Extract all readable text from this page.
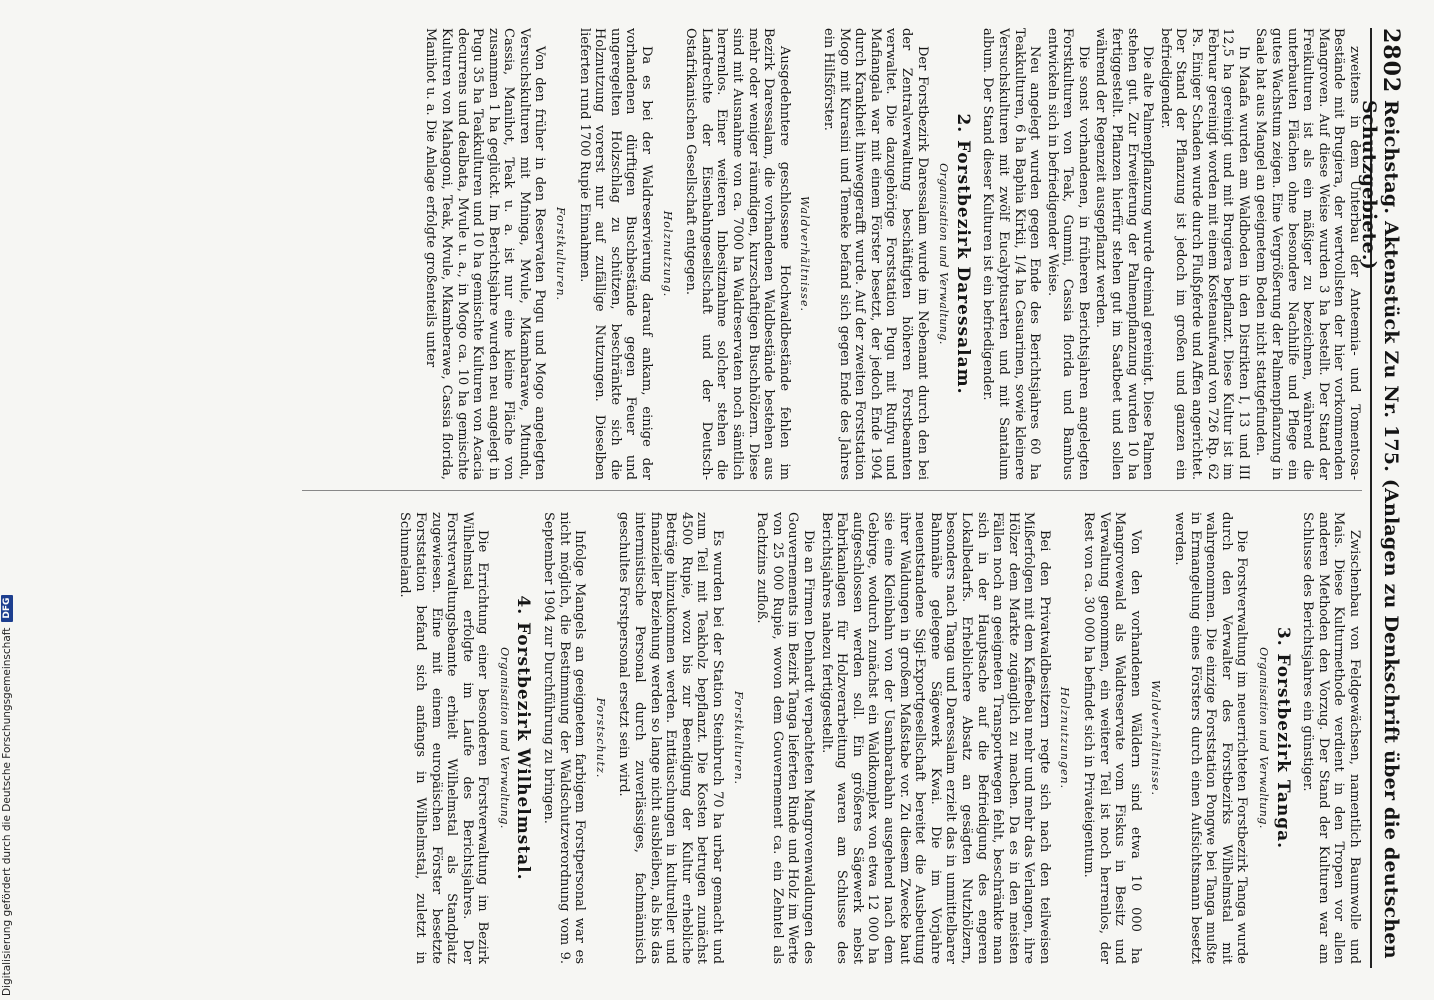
2802
Reichstag. Aktenstück Zu Nr. 175. (Anlagen zu Denkschrift über die deutschen Schutzgebiete.)

zweitens in dem Unterbau der Anteemia- und Tomentosa-Bestände mit Brugiera, der wertvollsten der hier vorkommenden Mangroven. Auf diese Weise wurden 3 ha bestellt. Der Stand der Freikulturen ist als ein mäßiger zu bezeichnen, während die unterbauten Flächen ohne besondere Nachhilfe und Pflege ein gutes Wachstum zeigen. Eine Vergrößerung der Palmenpflanzung in Saale hat aus Mangel an geeignetem Boden nicht stattgefunden.

In Maafa wurden am Waldboden in den Distrikten I, 13 und III 12,5 ha gereinigt und mit Brugiera bepflanzt. Diese Kultur ist im Februar gereinigt worden mit einem Kostenaufwand von 726 Rp. 62 Ps. Einiger Schaden wurde durch Flußpferde und Affen angerichtet. Der Stand der Pflanzung ist jedoch im großen und ganzen ein befriedigender.

Die alte Palmenpflanzung wurde dreimal gereinigt. Diese Palmen stehen gut. Zur Erweiterung der Palmenpflanzung wurden 10 ha fertiggestellt. Pflanzen hierfür stehen gut im Saatbeet und sollen während der Regenzeit ausgepflanzt werden.

Die sonst vorhandenen, in früheren Berichtsjahren angelegten Forstkulturen von Teak, Gummi, Cassia florida und Bambus entwickeln sich in befriedigender Weise.

Neu angelegt wurden gegen Ende des Berichtsjahres 60 ha Teakkulturen, 6 ha Baphia Kirkii, 1/4 ha Casuarinen, sowie kleinere Versuchskulturen mit zwölf Eucalyptusarten und mit Santalum album. Der Stand dieser Kulturen ist ein befriedigender.

2. Forstbezirk Daressalam.
Organisation und Verwaltung.

Der Forstbezirk Daressalam wurde im Nebenamt durch den bei der Zentralverwaltung beschäftigten höheren Forstbeamten verwaltet. Die dazugehörige Forststation Pugu mit Rufiyu und Mafiangala war mit einem Förster besetzt, der jedoch Ende 1904 durch Krankheit hinweggerafft wurde. Auf der zweiten Forststation Mogo mit Kurasini und Temeke befand sich gegen Ende des Jahres ein Hilfsförster.

Waldverhältnisse.

Ausgedehntere geschlossene Hochwaldbestände fehlen im Bezirk Daressalam, die vorhandenen Waldbestände bestehen aus mehr oder weniger räumdigen, kurzschaftigen Buschhölzern. Diese sind mit Ausnahme von ca. 7000 ha Waldreservaten noch sämtlich herrenlos. Einer weiteren Inbesitznahme solcher stehen die Landrechte der Eisenbahngesellschaft und der Deutsch-Ostafrikanischen Gesellschaft entgegen.

Holznutzung.

Da es bei der Waldreservierung darauf ankam, einige der vorhandenen dürftigen Buschbestände gegen Feuer und ungeregelten Holzschlag zu schützen, beschränkte sich die Holznutzung vorerst nur auf zufällige Nutzungen. Dieselben lieferten rund 1700 Rupie Einnahmen.

Forstkulturen.

Von den früher in den Reservaten Pugu und Mogo angelegten Versuchskulturen mit Mninga, Mvule, Mkambarawe, Mtundu, Cassia, Manihot, Teak u. a. ist nur eine kleine Fläche von zusammen 1 ha geglückt. Im Berichtsjahre wurden neu angelegt in Pugu 35 ha Teakkulturen und 10 ha gemischte Kulturen von Acacia decurrens und dealbata, Mvule u. a., in Mogo ca. 10 ha gemischte Kulturen von Mahagoni, Teak, Mvule, Mkamberawe, Cassia florida, Manihot u. a. Die Anlage erfolgte großenteils unter

Zwischenbau von Feldgewächsen, namentlich Baumwolle und Mais. Diese Kulturmethode verdient in den Tropen vor allen anderen Methoden den Vorzug. Der Stand der Kulturen war am Schlusse des Berichtsjahres ein günstiger.

3. Forstbezirk Tanga.
Organisation und Verwaltung.

Die Forstverwaltung im neuerrichteten Forstbezirk Tanga wurde durch den Verwalter des Forstbezirks Wilhelmstal mit wahrgenommen. Die einzige Forststation Pongwe bei Tanga mußte in Ermangelung eines Försters durch einen Aufsichtsmann besetzt werden.

Waldverhältnisse.

Von den vorhandenen Wäldern sind etwa 10 000 ha Mangrovewald als Waldreservate vom Fiskus in Besitz und Verwaltung genommen, ein weiterer Teil ist noch herrenlos, der Rest von ca. 30 000 ha befindet sich in Privateigentum.

Holznutzungen.

Bei den Privatwaldbesitzern regte sich nach den teilweisen Mißerfolgen mit dem Kaffeebau mehr und mehr das Verlangen, ihre Hölzer dem Markte zugänglich zu machen. Da es in den meisten Fällen noch an geeigneten Transportwegen fehlt, beschränkte man sich in der Hauptsache auf die Befriedigung des engeren Lokalbedarfs. Erheblichere Absatz an gesägten Nutzhölzern, besonders nach Tanga und Daressalam erzielt das in unmittelbarer Bahnnähe gelegene Sägewerk Kwai. Die im Vorjahre neuentstandene Sigi-Exportgesellschaft bereitet die Ausbeutung ihrer Waldungen in großem Maßstabe vor. Zu diesem Zwecke baut sie eine Kleinbahn von der Usambarabahn ausgehend nach dem Gebirge, wodurch zunächst ein Waldkomplex von etwa 12 000 ha aufgeschlossen werden soll. Ein größeres Sägewerk nebst Fabrikanlagen für Holzverarbeitung waren am Schlusse des Berichtsjahres nahezu fertiggestellt.

Die an Firmen Denhardt verpachteten Mangrovenwaldungen des Gouvernements im Bezirk Tanga lieferten Rinde und Holz im Werte von 25 000 Rupie, wovon dem Gouvernement ca. ein Zehntel als Pachtzins zufloß.

Forstkulturen.

Es wurden bei der Station Steinbruch 70 ha urbar gemacht und zum Teil mit Teakholz bepflanzt. Die Kosten betrugen zunächst 4500 Rupie, wozu bis zur Beendigung der Kultur erhebliche Beträge hinzukommen werden. Enttäuschungen in kultureller und finanzieller Beziehung werden so lange nicht ausbleiben, als bis das intermistische Personal durch zuverlässiges, fachmännisch geschultes Forstpersonal ersetzt sein wird.

Forstschutz.

Infolge Mangels an geeignetem farbigem Forstpersonal war es nicht möglich, die Bestimmung der Waldschutzverordnung vom 9. September 1904 zur Durchführung zu bringen.

4. Forstbezirk Wilhelmstal.
Organisation und Verwaltung.

Die Errichtung einer besonderen Forstverwaltung im Bezirk Wilhelmstal erfolgte im Laufe des Berichtsjahres. Der Forstverwaltungsbeamte erhielt Wilhelmstal als Standplatz zugewiesen. Eine mit einem europäischen Förster besetzte Forststation befand sich anfangs in Wilhelmstal, zuletzt in Schumeland.

Digitalisierung gefördert durch die Deutsche Forschungsgemeinschaft
DFG
